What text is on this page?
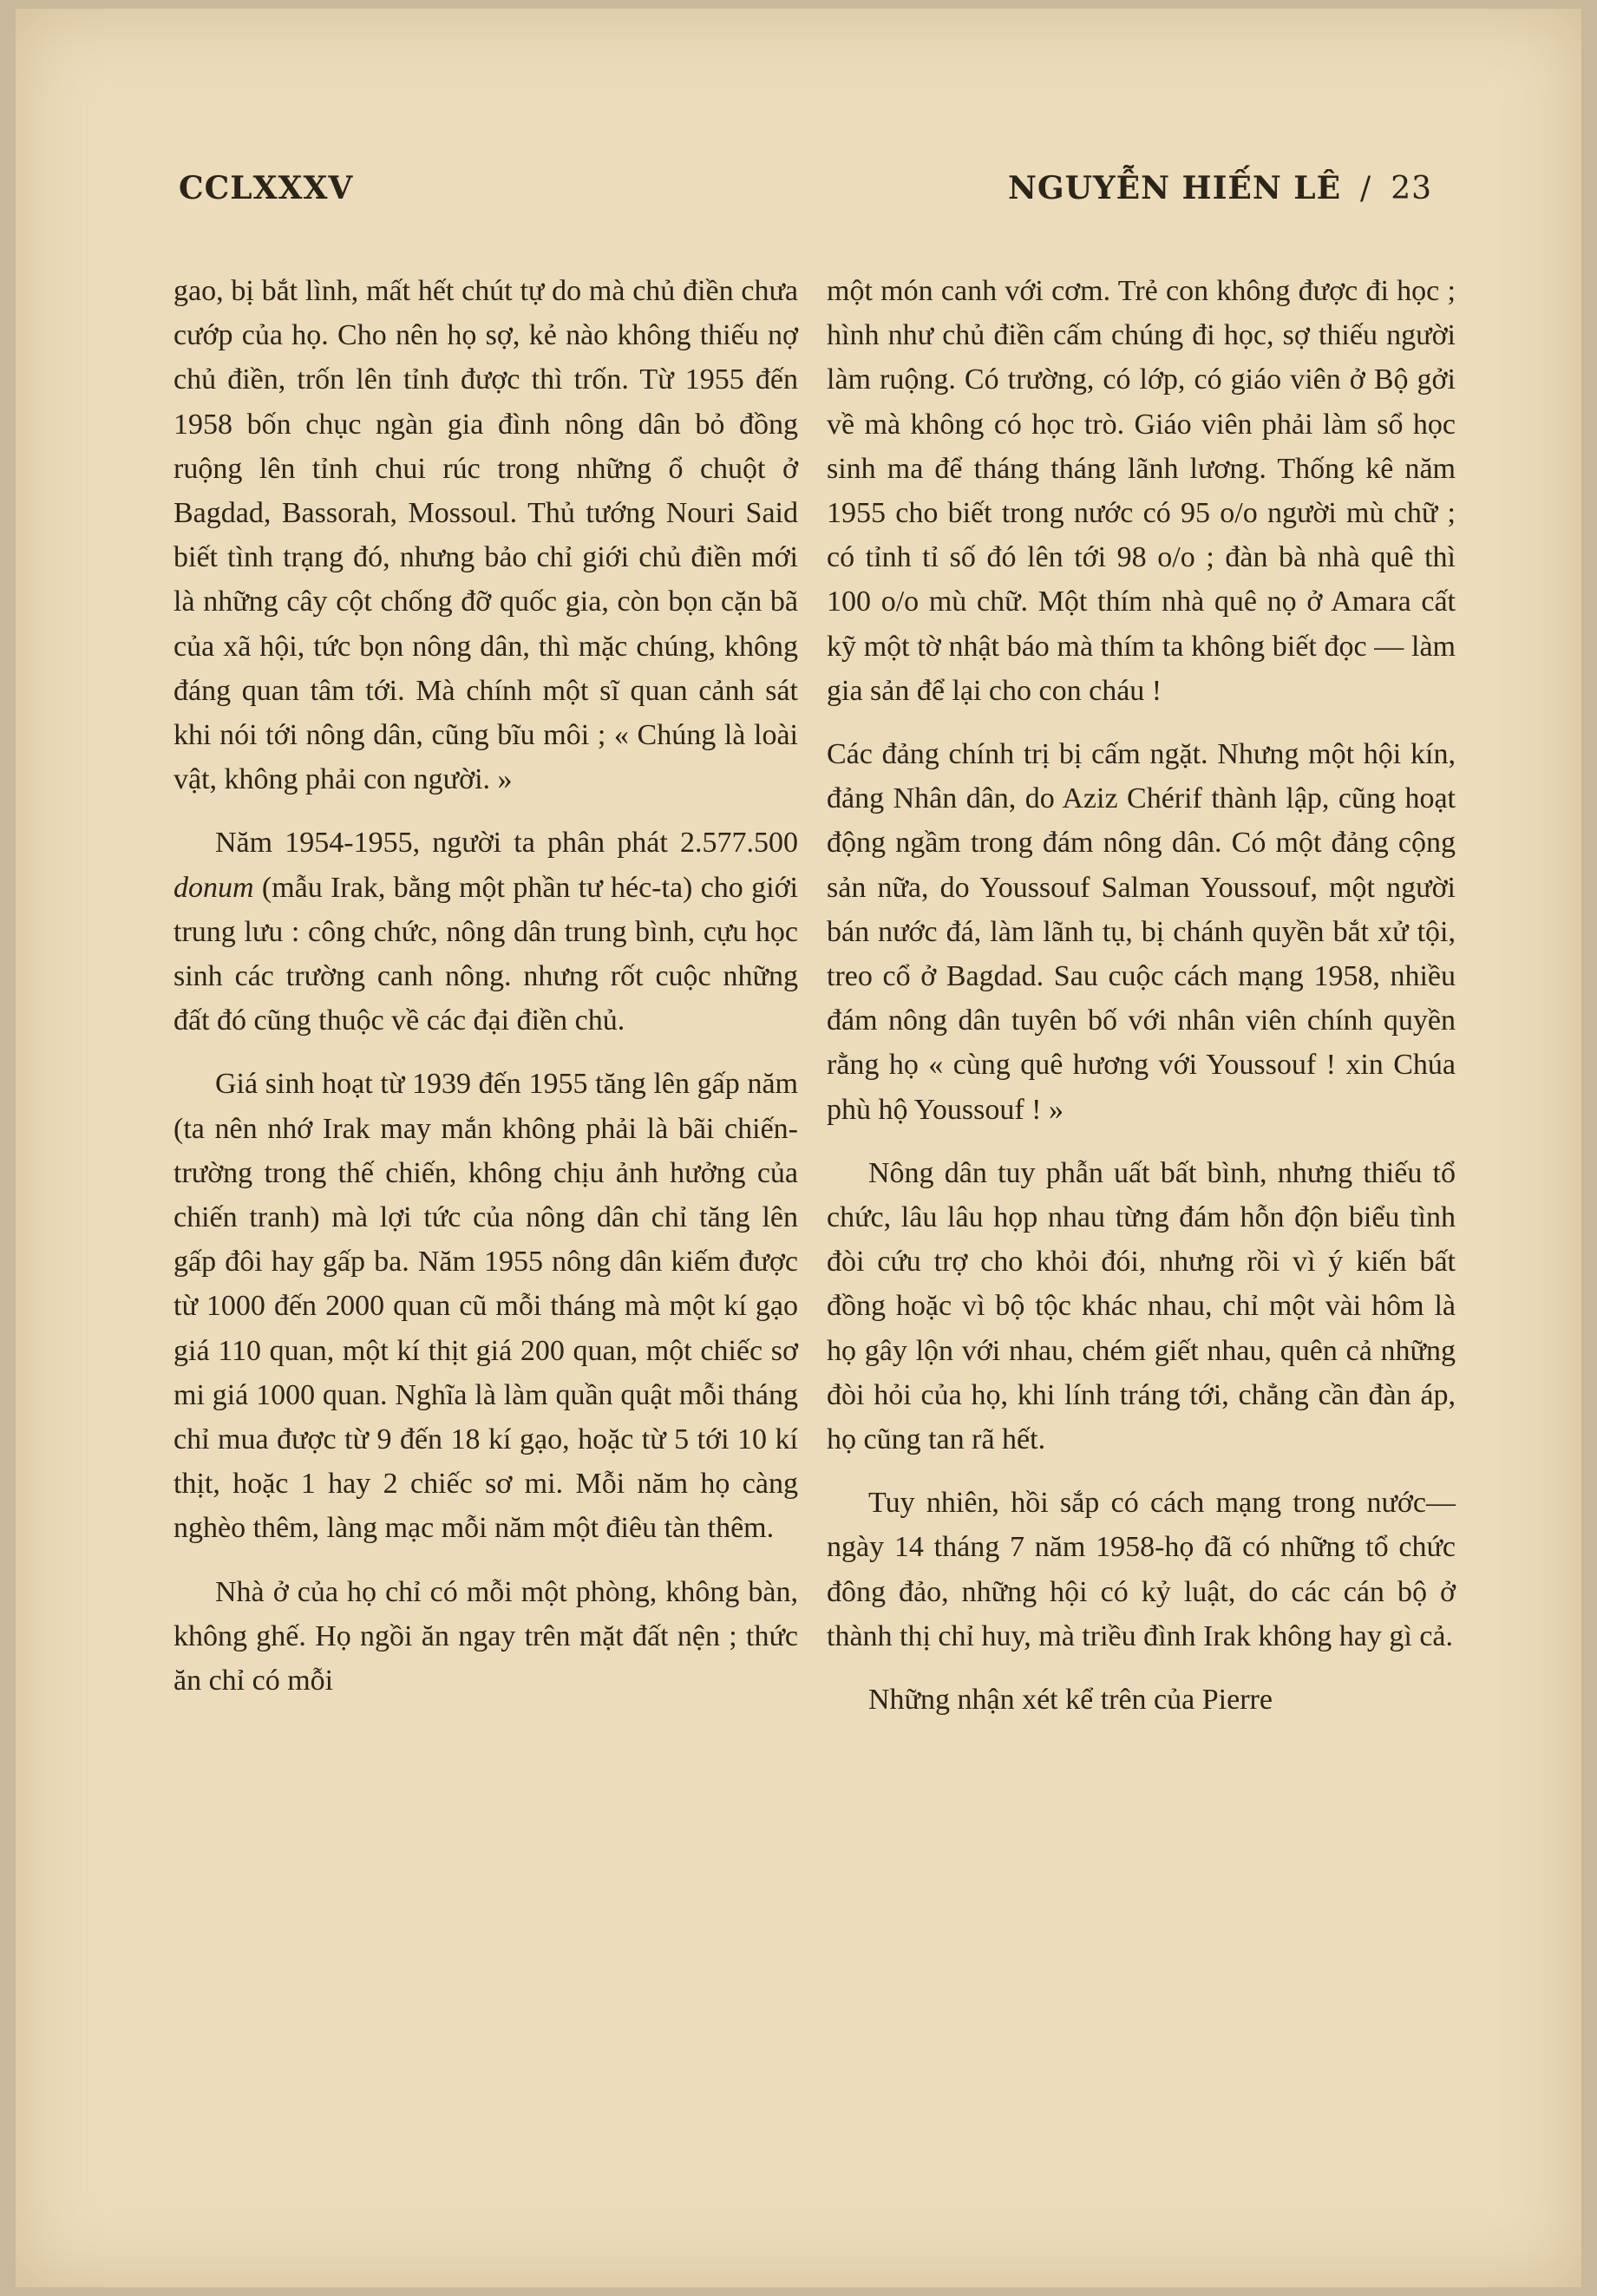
CCLXXXV	NGUYỄN HIẾN LÊ / 23

gao, bị bắt lình, mất hết chút tự do mà chủ điền chưa cướp của họ. Cho nên họ sợ, kẻ nào không thiếu nợ chủ điền, trốn lên tỉnh được thì trốn. Từ 1955 đến 1958 bốn chục ngàn gia đình nông dân bỏ đồng ruộng lên tỉnh chui rúc trong những ổ chuột ở Bagdad, Bassorah, Mossoul. Thủ tướng Nouri Said biết tình trạng đó, nhưng bảo chỉ giới chủ điền mới là những cây cột chống đỡ quốc gia, còn bọn cặn bã của xã hội, tức bọn nông dân, thì mặc chúng, không đáng quan tâm tới. Mà chính một sĩ quan cảnh sát khi nói tới nông dân, cũng bĩu môi ; « Chúng là loài vật, không phải con người. »

Năm 1954-1955, người ta phân phát 2.577.500 donum (mẫu Irak, bằng một phần tư héc-ta) cho giới trung lưu : công chức, nông dân trung bình, cựu học sinh các trường canh nông. nhưng rốt cuộc những đất đó cũng thuộc về các đại điền chủ.

Giá sinh hoạt từ 1939 đến 1955 tăng lên gấp năm (ta nên nhớ Irak may mắn không phải là bãi chiến-trường trong thế chiến, không chịu ảnh hưởng của chiến tranh) mà lợi tức của nông dân chỉ tăng lên gấp đôi hay gấp ba. Năm 1955 nông dân kiếm được từ 1000 đến 2000 quan cũ mỗi tháng mà một kí gạo giá 110 quan, một kí thịt giá 200 quan, một chiếc sơ mi giá 1000 quan. Nghĩa là làm quần quật mỗi tháng chỉ mua được từ 9 đến 18 kí gạo, hoặc từ 5 tới 10 kí thịt, hoặc 1 hay 2 chiếc sơ mi. Mỗi năm họ càng nghèo thêm, làng mạc mỗi năm một điêu tàn thêm.

Nhà ở của họ chỉ có mỗi một phòng, không bàn, không ghế. Họ ngồi ăn ngay trên mặt đất nện ; thức ăn chỉ có mỗi

một món canh với cơm. Trẻ con không được đi học ; hình như chủ điền cấm chúng đi học, sợ thiếu người làm ruộng. Có trường, có lớp, có giáo viên ở Bộ gởi về mà không có học trò. Giáo viên phải làm sổ học sinh ma để tháng tháng lãnh lương. Thống kê năm 1955 cho biết trong nước có 95 o/o người mù chữ ; có tỉnh tỉ số đó lên tới 98 o/o ; đàn bà nhà quê thì 100 o/o mù chữ. Một thím nhà quê nọ ở Amara cất kỹ một tờ nhật báo mà thím ta không biết đọc — làm gia sản để lại cho con cháu !

Các đảng chính trị bị cấm ngặt. Nhưng một hội kín, đảng Nhân dân, do Aziz Chérif thành lập, cũng hoạt động ngầm trong đám nông dân. Có một đảng cộng sản nữa, do Youssouf Salman Youssouf, một người bán nước đá, làm lãnh tụ, bị chánh quyền bắt xử tội, treo cổ ở Bagdad. Sau cuộc cách mạng 1958, nhiều đám nông dân tuyên bố với nhân viên chính quyền rằng họ « cùng quê hương với Youssouf ! xin Chúa phù hộ Youssouf ! »

Nông dân tuy phẫn uất bất bình, nhưng thiếu tổ chức, lâu lâu họp nhau từng đám hỗn độn biểu tình đòi cứu trợ cho khỏi đói, nhưng rồi vì ý kiến bất đồng hoặc vì bộ tộc khác nhau, chỉ một vài hôm là họ gây lộn với nhau, chém giết nhau, quên cả những đòi hỏi của họ, khi lính tráng tới, chẳng cần đàn áp, họ cũng tan rã hết.

Tuy nhiên, hồi sắp có cách mạng trong nước—ngày 14 tháng 7 năm 1958-họ đã có những tổ chức đông đảo, những hội có kỷ luật, do các cán bộ ở thành thị chỉ huy, mà triều đình Irak không hay gì cả.

Những nhận xét kể trên của Pierre
